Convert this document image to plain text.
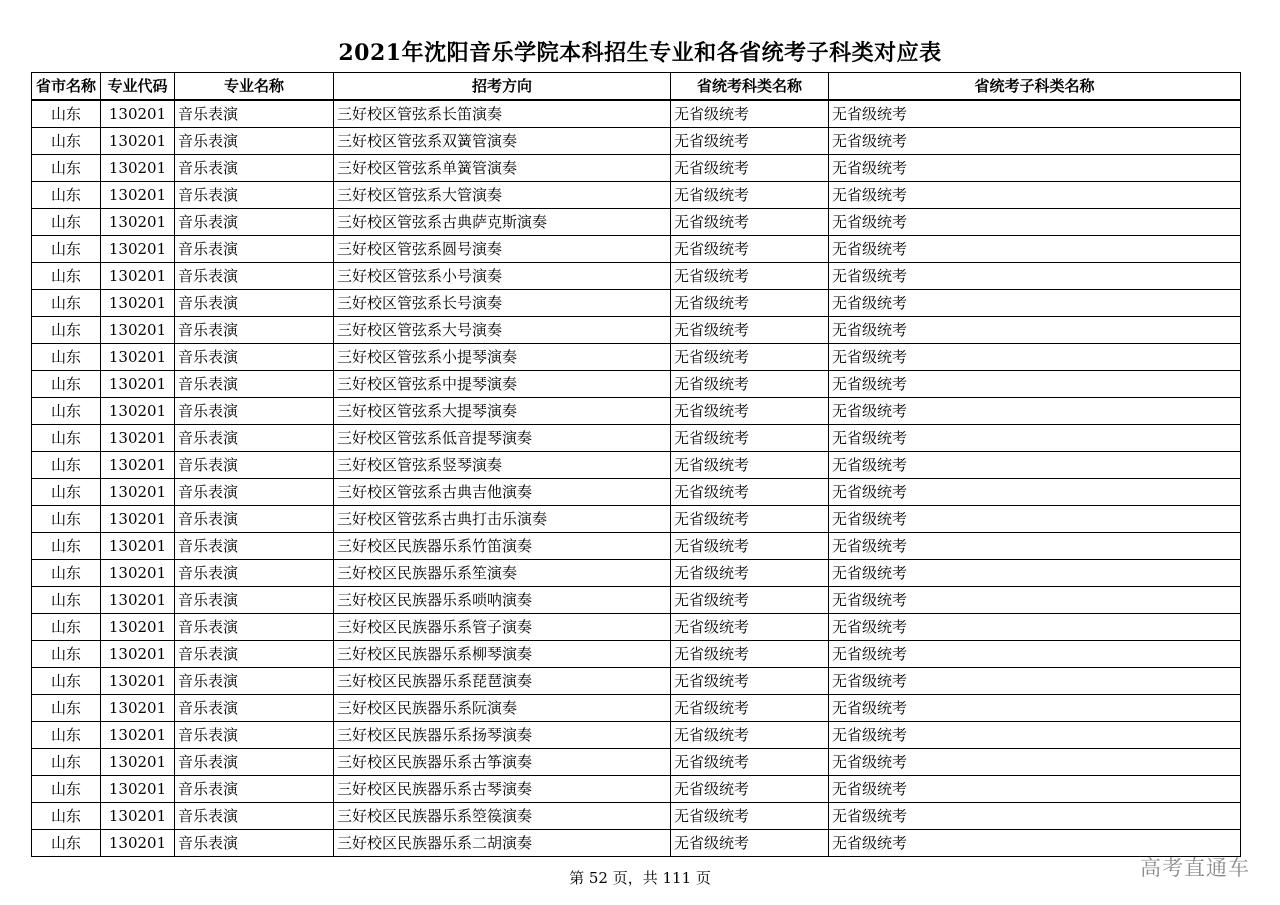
2021年沈阳音乐学院本科招生专业和各省统考子科类对应表
省市名称	专业代码	专业名称	招考方向	省统考科类名称	省统考子科类名称
山东	130201	音乐表演	三好校区管弦系长笛演奏	无省级统考	无省级统考
山东	130201	音乐表演	三好校区管弦系双簧管演奏	无省级统考	无省级统考
山东	130201	音乐表演	三好校区管弦系单簧管演奏	无省级统考	无省级统考
山东	130201	音乐表演	三好校区管弦系大管演奏	无省级统考	无省级统考
山东	130201	音乐表演	三好校区管弦系古典萨克斯演奏	无省级统考	无省级统考
山东	130201	音乐表演	三好校区管弦系圆号演奏	无省级统考	无省级统考
山东	130201	音乐表演	三好校区管弦系小号演奏	无省级统考	无省级统考
山东	130201	音乐表演	三好校区管弦系长号演奏	无省级统考	无省级统考
山东	130201	音乐表演	三好校区管弦系大号演奏	无省级统考	无省级统考
山东	130201	音乐表演	三好校区管弦系小提琴演奏	无省级统考	无省级统考
山东	130201	音乐表演	三好校区管弦系中提琴演奏	无省级统考	无省级统考
山东	130201	音乐表演	三好校区管弦系大提琴演奏	无省级统考	无省级统考
山东	130201	音乐表演	三好校区管弦系低音提琴演奏	无省级统考	无省级统考
山东	130201	音乐表演	三好校区管弦系竖琴演奏	无省级统考	无省级统考
山东	130201	音乐表演	三好校区管弦系古典吉他演奏	无省级统考	无省级统考
山东	130201	音乐表演	三好校区管弦系古典打击乐演奏	无省级统考	无省级统考
山东	130201	音乐表演	三好校区民族器乐系竹笛演奏	无省级统考	无省级统考
山东	130201	音乐表演	三好校区民族器乐系笙演奏	无省级统考	无省级统考
山东	130201	音乐表演	三好校区民族器乐系唢呐演奏	无省级统考	无省级统考
山东	130201	音乐表演	三好校区民族器乐系管子演奏	无省级统考	无省级统考
山东	130201	音乐表演	三好校区民族器乐系柳琴演奏	无省级统考	无省级统考
山东	130201	音乐表演	三好校区民族器乐系琵琶演奏	无省级统考	无省级统考
山东	130201	音乐表演	三好校区民族器乐系阮演奏	无省级统考	无省级统考
山东	130201	音乐表演	三好校区民族器乐系扬琴演奏	无省级统考	无省级统考
山东	130201	音乐表演	三好校区民族器乐系古筝演奏	无省级统考	无省级统考
山东	130201	音乐表演	三好校区民族器乐系古琴演奏	无省级统考	无省级统考
山东	130201	音乐表演	三好校区民族器乐系箜篌演奏	无省级统考	无省级统考
山东	130201	音乐表演	三好校区民族器乐系二胡演奏	无省级统考	无省级统考
第 52 页，共 111 页	高考直通车
